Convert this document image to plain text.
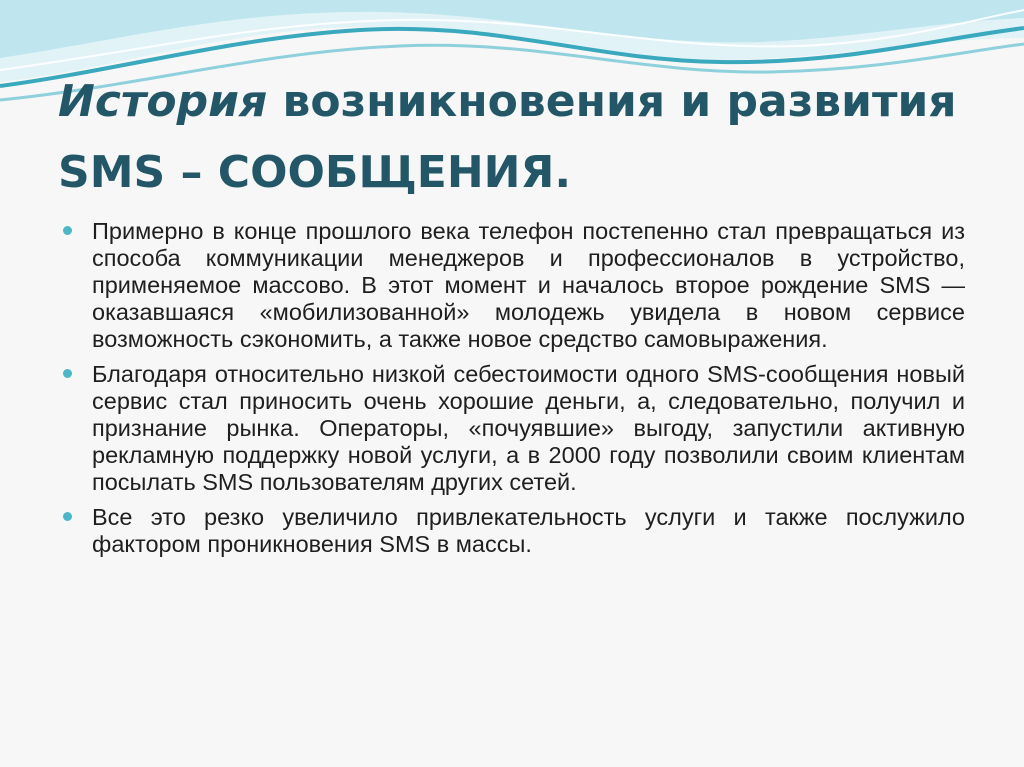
История возникновения и развития SMS – СООБЩЕНИЯ.
Примерно в конце прошлого века телефон постепенно стал превращаться из способа коммуникации менеджеров и профессионалов в устройство, применяемое массово. В этот момент и началось второе рождение SMS — оказавшаяся «мобилизованной» молодежь увидела в новом сервисе возможность сэкономить, а также новое средство самовыражения.
Благодаря относительно низкой себестоимости одного SMS-сообщения новый сервис стал приносить очень хорошие деньги, а, следовательно, получил и признание рынка. Операторы, «почуявшие» выгоду, запустили активную рекламную поддержку новой услуги, а в 2000 году позволили своим клиентам посылать SMS пользователям других сетей.
Все это резко увеличило привлекательность услуги и также послужило фактором проникновения SMS в массы.
